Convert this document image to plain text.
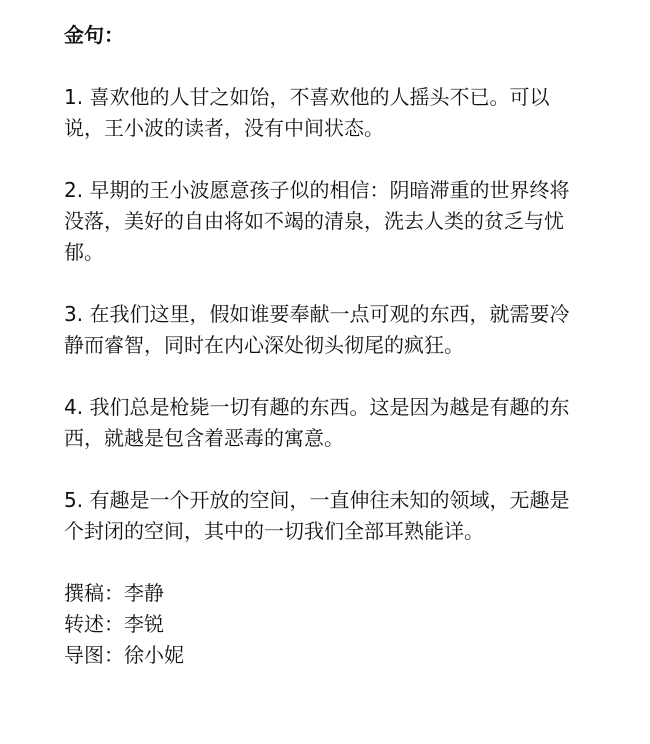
金句：

1. 喜欢他的人甘之如饴，不喜欢他的人摇头不已。可以说，王小波的读者，没有中间状态。

2. 早期的王小波愿意孩子似的相信：阴暗滞重的世界终将没落，美好的自由将如不竭的清泉，洗去人类的贫乏与忧郁。

3. 在我们这里，假如谁要奉献一点可观的东西，就需要冷静而睿智，同时在内心深处彻头彻尾的疯狂。

4. 我们总是枪毙一切有趣的东西。这是因为越是有趣的东西，就越是包含着恶毒的寓意。

5. 有趣是一个开放的空间，一直伸往未知的领域，无趣是个封闭的空间，其中的一切我们全部耳熟能详。

撰稿：李静

转述：李锐

导图：徐小妮
